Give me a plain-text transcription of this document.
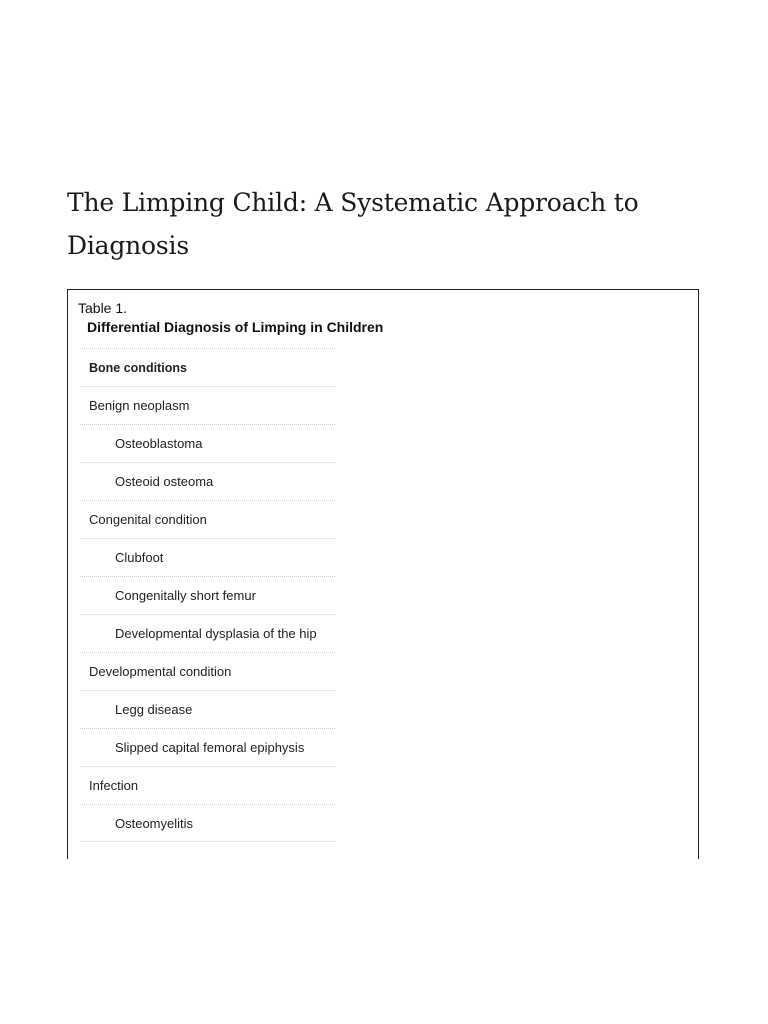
The Limping Child: A Systematic Approach to Diagnosis
Table 1.
Differential Diagnosis of Limping in Children
Bone conditions
Benign neoplasm
Osteoblastoma
Osteoid osteoma
Congenital condition
Clubfoot
Congenitally short femur
Developmental dysplasia of the hip
Developmental condition
Legg disease
Slipped capital femoral epiphysis
Infection
Osteomyelitis
